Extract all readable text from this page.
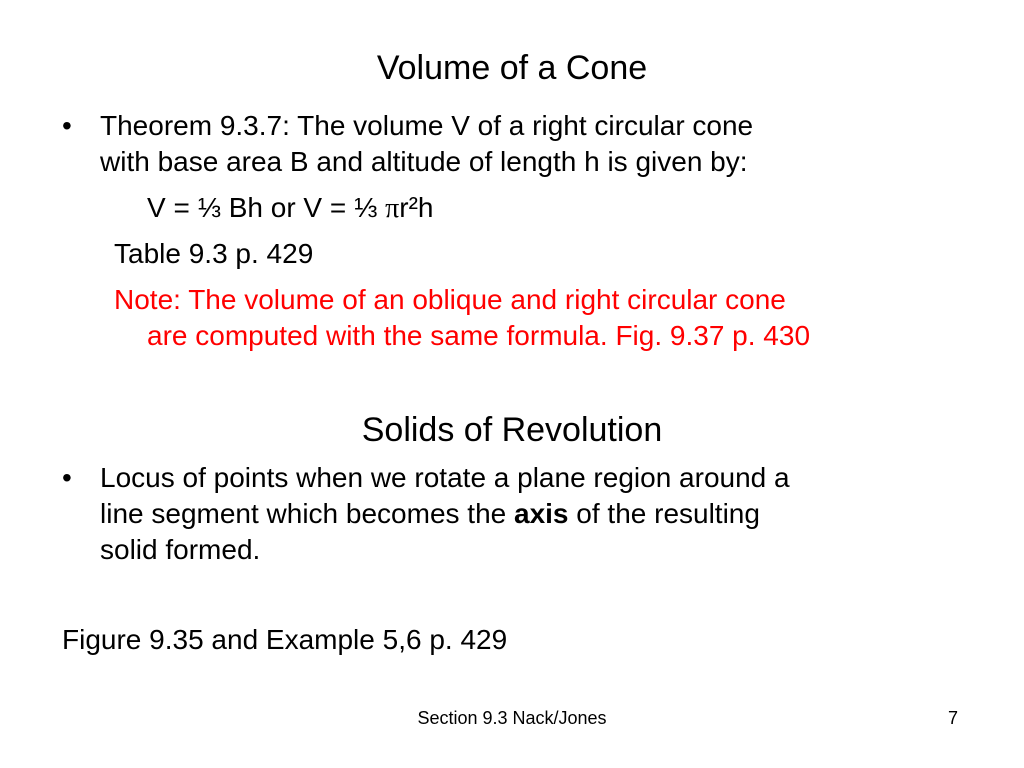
Volume of a Cone
• Theorem 9.3.7: The volume V of a right circular cone

with base area B and altitude of length h is given by:

V = ⅓ Bh or V = ⅓ πr²h

Table 9.3 p. 429

Note: The volume of an oblique and right circular cone

are computed with the same formula. Fig. 9.37 p. 430

Solids of Revolution
• Locus of points when we rotate a plane region around a

line segment which becomes the axis of the resulting

solid formed.

Figure 9.35 and Example 5,6 p. 429

Section 9.3 Nack/Jones	7
